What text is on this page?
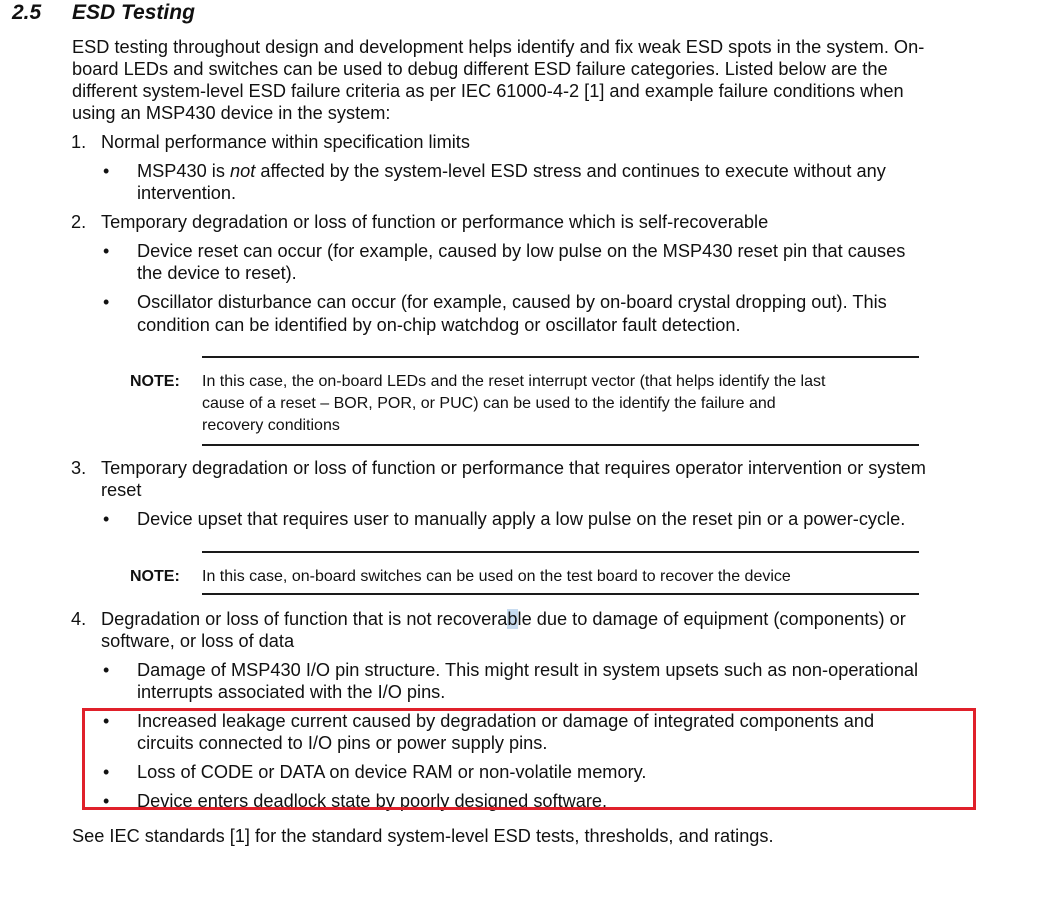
2.5 ESD Testing
ESD testing throughout design and development helps identify and fix weak ESD spots in the system. On-
board LEDs and switches can be used to debug different ESD failure categories. Listed below are the
different system-level ESD failure criteria as per IEC 61000-4-2 [1] and example failure conditions when
using an MSP430 device in the system:
1. Normal performance within specification limits
• MSP430 is not affected by the system-level ESD stress and continues to execute without any
intervention.
2. Temporary degradation or loss of function or performance which is self-recoverable
• Device reset can occur (for example, caused by low pulse on the MSP430 reset pin that causes
the device to reset).
• Oscillator disturbance can occur (for example, caused by on-board crystal dropping out). This
condition can be identified by on-chip watchdog or oscillator fault detection.
NOTE: In this case, the on-board LEDs and the reset interrupt vector (that helps identify the last
cause of a reset – BOR, POR, or PUC) can be used to the identify the failure and
recovery conditions
3. Temporary degradation or loss of function or performance that requires operator intervention or system
reset
• Device upset that requires user to manually apply a low pulse on the reset pin or a power-cycle.
NOTE: In this case, on-board switches can be used on the test board to recover the device
4. Degradation or loss of function that is not recoverable due to damage of equipment (components) or
software, or loss of data
• Damage of MSP430 I/O pin structure. This might result in system upsets such as non-operational
interrupts associated with the I/O pins.
• Increased leakage current caused by degradation or damage of integrated components and
circuits connected to I/O pins or power supply pins.
• Loss of CODE or DATA on device RAM or non-volatile memory.
• Device enters deadlock state by poorly designed software.
See IEC standards [1] for the standard system-level ESD tests, thresholds, and ratings.
